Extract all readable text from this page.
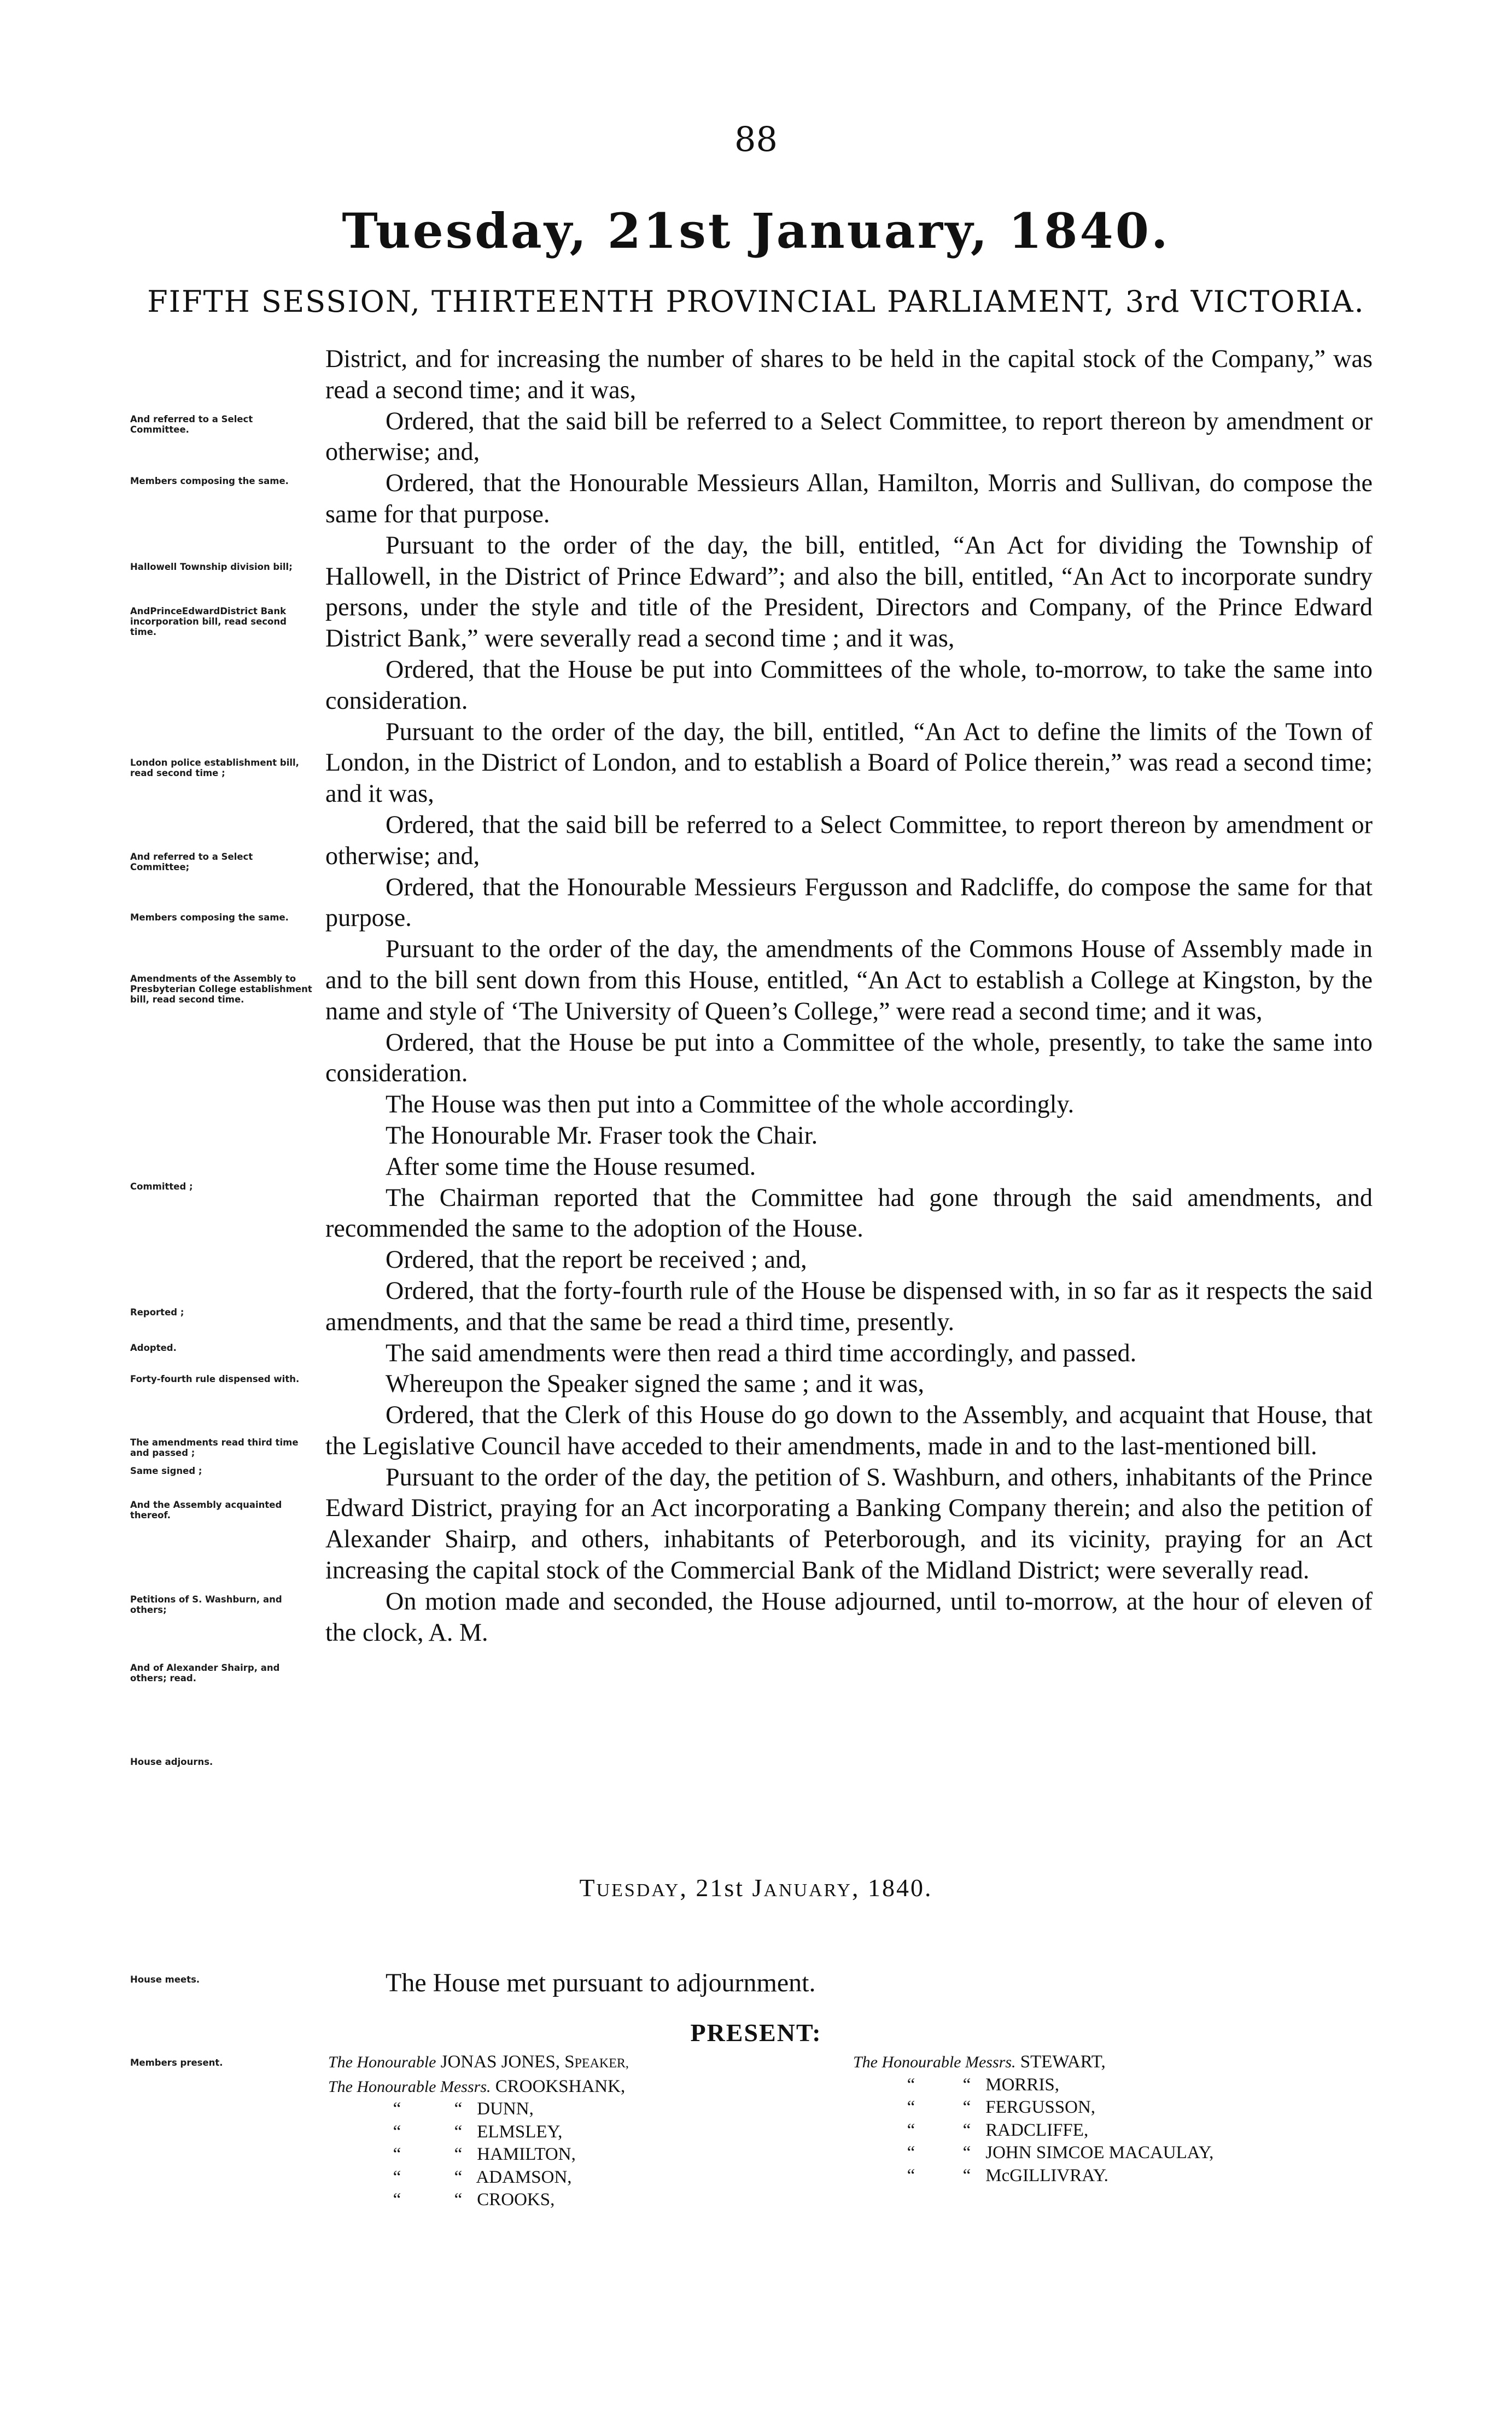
88
Tuesday, 21st January, 1840.
FIFTH SESSION, THIRTEENTH PROVINCIAL PARLIAMENT, 3rd VICTORIA.

District, and for increasing the number of shares to be held in the capital stock of the Company,” was read a second time; and it was,

Ordered, that the said bill be referred to a Select Committee, to report thereon by amendment or otherwise; and,

Ordered, that the Honourable Messieurs Allan, Hamilton, Morris and Sullivan, do compose the same for that purpose.

Pursuant to the order of the day, the bill, entitled, “An Act for dividing the Township of Hallowell, in the District of Prince Edward”; and also the bill, entitled, “An Act to incorporate sundry persons, under the style and title of the President, Directors and Company, of the Prince Edward District Bank,” were severally read a second time ; and it was,

Ordered, that the House be put into Committees of the whole, to-morrow, to take the same into consideration.

Pursuant to the order of the day, the bill, entitled, “An Act to define the limits of the Town of London, in the District of London, and to establish a Board of Police therein,” was read a second time; and it was,

Ordered, that the said bill be referred to a Select Committee, to report thereon by amendment or otherwise; and,

Ordered, that the Honourable Messieurs Fergusson and Radcliffe, do compose the same for that purpose.

Pursuant to the order of the day, the amendments of the Commons House of Assembly made in and to the bill sent down from this House, entitled, “An Act to establish a College at Kingston, by the name and style of ‘The University of Queen’s College,” were read a second time; and it was,

Ordered, that the House be put into a Committee of the whole, presently, to take the same into consideration.

The House was then put into a Committee of the whole accordingly.

The Honourable Mr. Fraser took the Chair.

After some time the House resumed.

The Chairman reported that the Committee had gone through the said amendments, and recommended the same to the adoption of the House.

Ordered, that the report be received ; and,

Ordered, that the forty-fourth rule of the House be dispensed with, in so far as it respects the said amendments, and that the same be read a third time, presently.

The said amendments were then read a third time accordingly, and passed.

Whereupon the Speaker signed the same ; and it was,

Ordered, that the Clerk of this House do go down to the Assembly, and acquaint that House, that the Legislative Council have acceded to their amendments, made in and to the last-mentioned bill.

Pursuant to the order of the day, the petition of S. Washburn, and others, inhabitants of the Prince Edward District, praying for an Act incorporating a Banking Company therein; and also the petition of Alexander Shairp, and others, inhabitants of Peterborough, and its vicinity, praying for an Act increasing the capital stock of the Commercial Bank of the Midland District; were severally read.

On motion made and seconded, the House adjourned, until to-morrow, at the hour of eleven of the clock, A. M.

And referred to a Select Committee.
Members composing the same.
Hallowell Township division bill;
AndPrinceEdwardDistrict Bank incorporation bill, read second time.
London police establishment bill, read second time ;
And referred to a Select Committee;
Members composing the same.
Amendments of the Assembly to Presbyterian College establishment bill, read second time.
Committed ;
Reported ;
Adopted.
Forty-fourth rule dispensed with.
The amendments read third time and passed ;
Same signed ;
And the Assembly acquainted thereof.
Petitions of S. Washburn, and others;
And of Alexander Shairp, and others; read.
House adjourns.
House meets.
Members present.
TUESDAY, 21st JANUARY, 1840.
The House met pursuant to adjournment.
PRESENT:
The Honourable JONAS JONES, SPEAKER,
The Honourable Messrs. CROOKSHANK,
“	“ DUNN,
“	“ ELMSLEY,
“	“ HAMILTON,
“	“ ADAMSON,
“	“ CROOKS,
The Honourable Messrs. STEWART,
“	“ MORRIS,
“	“ FERGUSSON,
“	“ RADCLIFFE,
“	“ JOHN SIMCOE MACAULAY,
“	“ McGILLIVRAY.
